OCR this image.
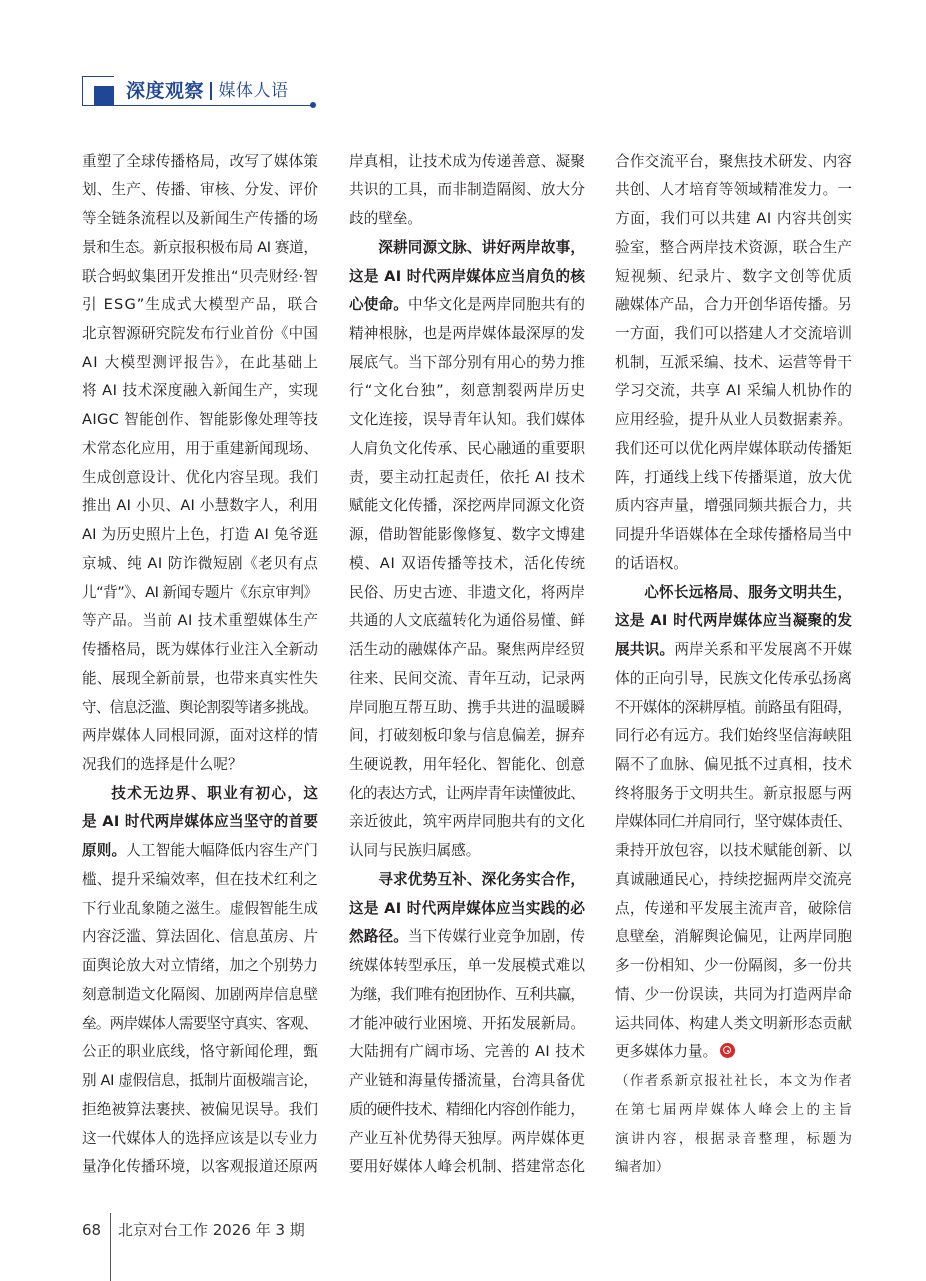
深度观察 媒体人语
重塑了全球传播格局，改写了媒体策
划、生产、传播、审核、分发、评价
等全链条流程以及新闻生产传播的场
景和生态。新京报积极布局 AI 赛道，
联合蚂蚁集团开发推出“贝壳财经·智
引 ESG”生成式大模型产品，联合
北京智源研究院发布行业首份《中国
AI 大模型测评报告》，在此基础上
将 AI 技术深度融入新闻生产，实现
AIGC 智能创作、智能影像处理等技
术常态化应用，用于重建新闻现场、
生成创意设计、优化内容呈现。我们
推出 AI 小贝、AI 小慧数字人，利用
AI 为历史照片上色，打造 AI 兔爷逛
京城、纯 AI 防诈微短剧《老贝有点
儿“背”》、AI 新闻专题片《东京审判》
等产品。当前 AI 技术重塑媒体生产
传播格局，既为媒体行业注入全新动
能、展现全新前景，也带来真实性失
守、信息泛滥、舆论割裂等诸多挑战。
两岸媒体人同根同源，面对这样的情
况我们的选择是什么呢？
技术无边界、职业有初心，这
是 AI 时代两岸媒体应当坚守的首要
原则。人工智能大幅降低内容生产门
槛、提升采编效率，但在技术红利之
下行业乱象随之滋生。虚假智能生成
内容泛滥、算法固化、信息茧房、片
面舆论放大对立情绪，加之个别势力
刻意制造文化隔阂、加剧两岸信息壁
垒。两岸媒体人需要坚守真实、客观、
公正的职业底线，恪守新闻伦理，甄
别 AI 虚假信息，抵制片面极端言论，
拒绝被算法裹挟、被偏见误导。我们
这一代媒体人的选择应该是以专业力
量净化传播环境，以客观报道还原两
岸真相，让技术成为传递善意、凝聚
共识的工具，而非制造隔阂、放大分
歧的壁垒。
深耕同源文脉、讲好两岸故事，
这是 AI 时代两岸媒体应当肩负的核
心使命。中华文化是两岸同胞共有的
精神根脉，也是两岸媒体最深厚的发
展底气。当下部分别有用心的势力推
行“文化台独”，刻意割裂两岸历史
文化连接，误导青年认知。我们媒体
人肩负文化传承、民心融通的重要职
责，要主动扛起责任，依托 AI 技术
赋能文化传播，深挖两岸同源文化资
源，借助智能影像修复、数字文博建
模、AI 双语传播等技术，活化传统
民俗、历史古迹、非遗文化，将两岸
共通的人文底蕴转化为通俗易懂、鲜
活生动的融媒体产品。聚焦两岸经贸
往来、民间交流、青年互动，记录两
岸同胞互帮互助、携手共进的温暖瞬
间，打破刻板印象与信息偏差，摒弃
生硬说教，用年轻化、智能化、创意
化的表达方式，让两岸青年读懂彼此、
亲近彼此，筑牢两岸同胞共有的文化
认同与民族归属感。
寻求优势互补、深化务实合作，
这是 AI 时代两岸媒体应当实践的必
然路径。当下传媒行业竞争加剧，传
统媒体转型承压，单一发展模式难以
为继，我们唯有抱团协作、互利共赢，
才能冲破行业困境、开拓发展新局。
大陆拥有广阔市场、完善的 AI 技术
产业链和海量传播流量，台湾具备优
质的硬件技术、精细化内容创作能力，
产业互补优势得天独厚。两岸媒体更
要用好媒体人峰会机制、搭建常态化
合作交流平台，聚焦技术研发、内容
共创、人才培育等领域精准发力。一
方面，我们可以共建 AI 内容共创实
验室，整合两岸技术资源，联合生产
短视频、纪录片、数字文创等优质
融媒体产品，合力开创华语传播。另
一方面，我们可以搭建人才交流培训
机制，互派采编、技术、运营等骨干
学习交流，共享 AI 采编人机协作的
应用经验，提升从业人员数据素养。
我们还可以优化两岸媒体联动传播矩
阵，打通线上线下传播渠道，放大优
质内容声量，增强同频共振合力，共
同提升华语媒体在全球传播格局当中
的话语权。
心怀长远格局、服务文明共生，
这是 AI 时代两岸媒体应当凝聚的发
展共识。两岸关系和平发展离不开媒
体的正向引导，民族文化传承弘扬离
不开媒体的深耕厚植。前路虽有阻碍，
同行必有远方。我们始终坚信海峡阻
隔不了血脉、偏见抵不过真相，技术
终将服务于文明共生。新京报愿与两
岸媒体同仁并肩同行，坚守媒体责任、
秉持开放包容，以技术赋能创新、以
真诚融通民心，持续挖掘两岸交流亮
点，传递和平发展主流声音，破除信
息壁垒，消解舆论偏见，让两岸同胞
多一份相知、少一份隔阂，多一份共
情、少一份误读，共同为打造两岸命
运共同体、构建人类文明新形态贡献
更多媒体力量。
（作者系新京报社社长，本文为作者
在第七届两岸媒体人峰会上的主旨
演讲内容，根据录音整理，标题为
编者加）
68 北京对台工作 2026 年 3 期
